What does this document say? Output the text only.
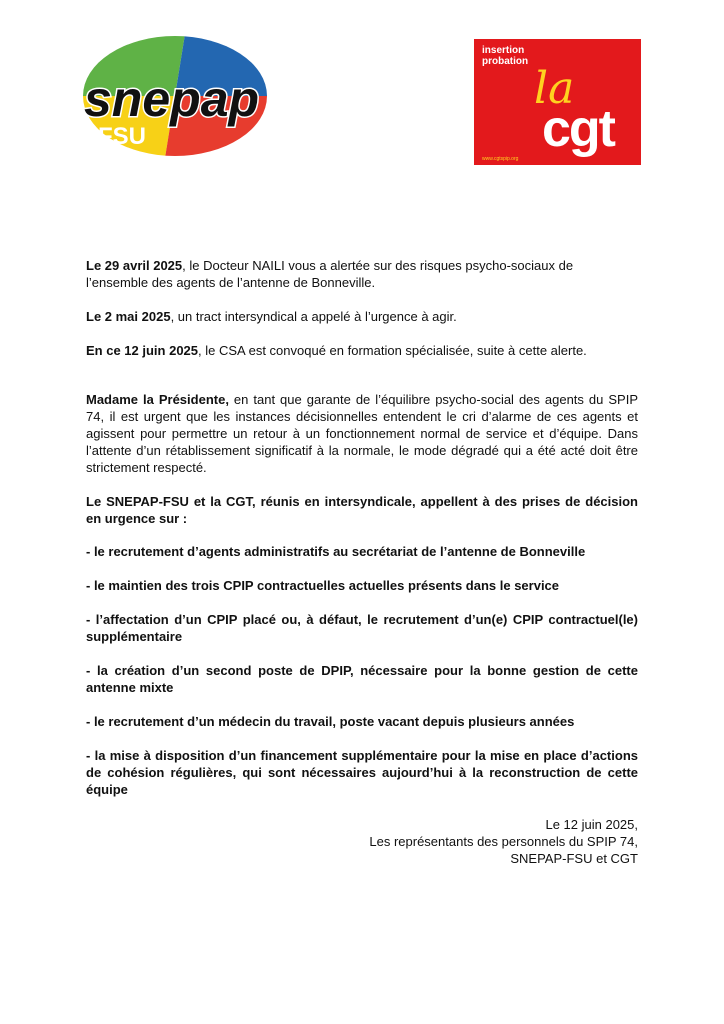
snepap
FSU
insertion
probation
la
cgt
www.cgtspip.org

Le 29 avril 2025, le Docteur NAILI vous a alertée sur des risques psycho-sociaux de l’ensemble des agents de l’antenne de Bonneville.

Le 2 mai 2025, un tract intersyndical a appelé à l’urgence à agir.

En ce 12 juin 2025, le CSA est convoqué en formation spécialisée, suite à cette alerte.

Madame la Présidente, en tant que garante de l’équilibre psycho-social des agents du SPIP 74, il est urgent que les instances décisionnelles entendent le cri d’alarme de ces agents et agissent pour permettre un retour à un fonctionnement normal de service et d’équipe. Dans l’attente d’un rétablissement significatif à la normale, le mode dégradé qui a été acté doit être strictement respecté.

Le SNEPAP-FSU et la CGT, réunis en intersyndicale, appellent à des prises de décision en urgence sur :
- le recrutement d’agents administratifs au secrétariat de l’antenne de Bonneville
- le maintien des trois CPIP contractuelles actuelles présents dans le service
- l’affectation d’un CPIP placé ou, à défaut, le recrutement d’un(e) CPIP contractuel(le) supplémentaire
- la création d’un second poste de DPIP, nécessaire pour la bonne gestion de cette antenne mixte
- le recrutement d’un médecin du travail, poste vacant depuis plusieurs années
- la mise à disposition d’un financement supplémentaire pour la mise en place d’actions de cohésion régulières, qui sont nécessaires aujourd’hui à la reconstruction de cette équipe
Le 12 juin 2025,
Les représentants des personnels du SPIP 74,
SNEPAP-FSU et CGT
